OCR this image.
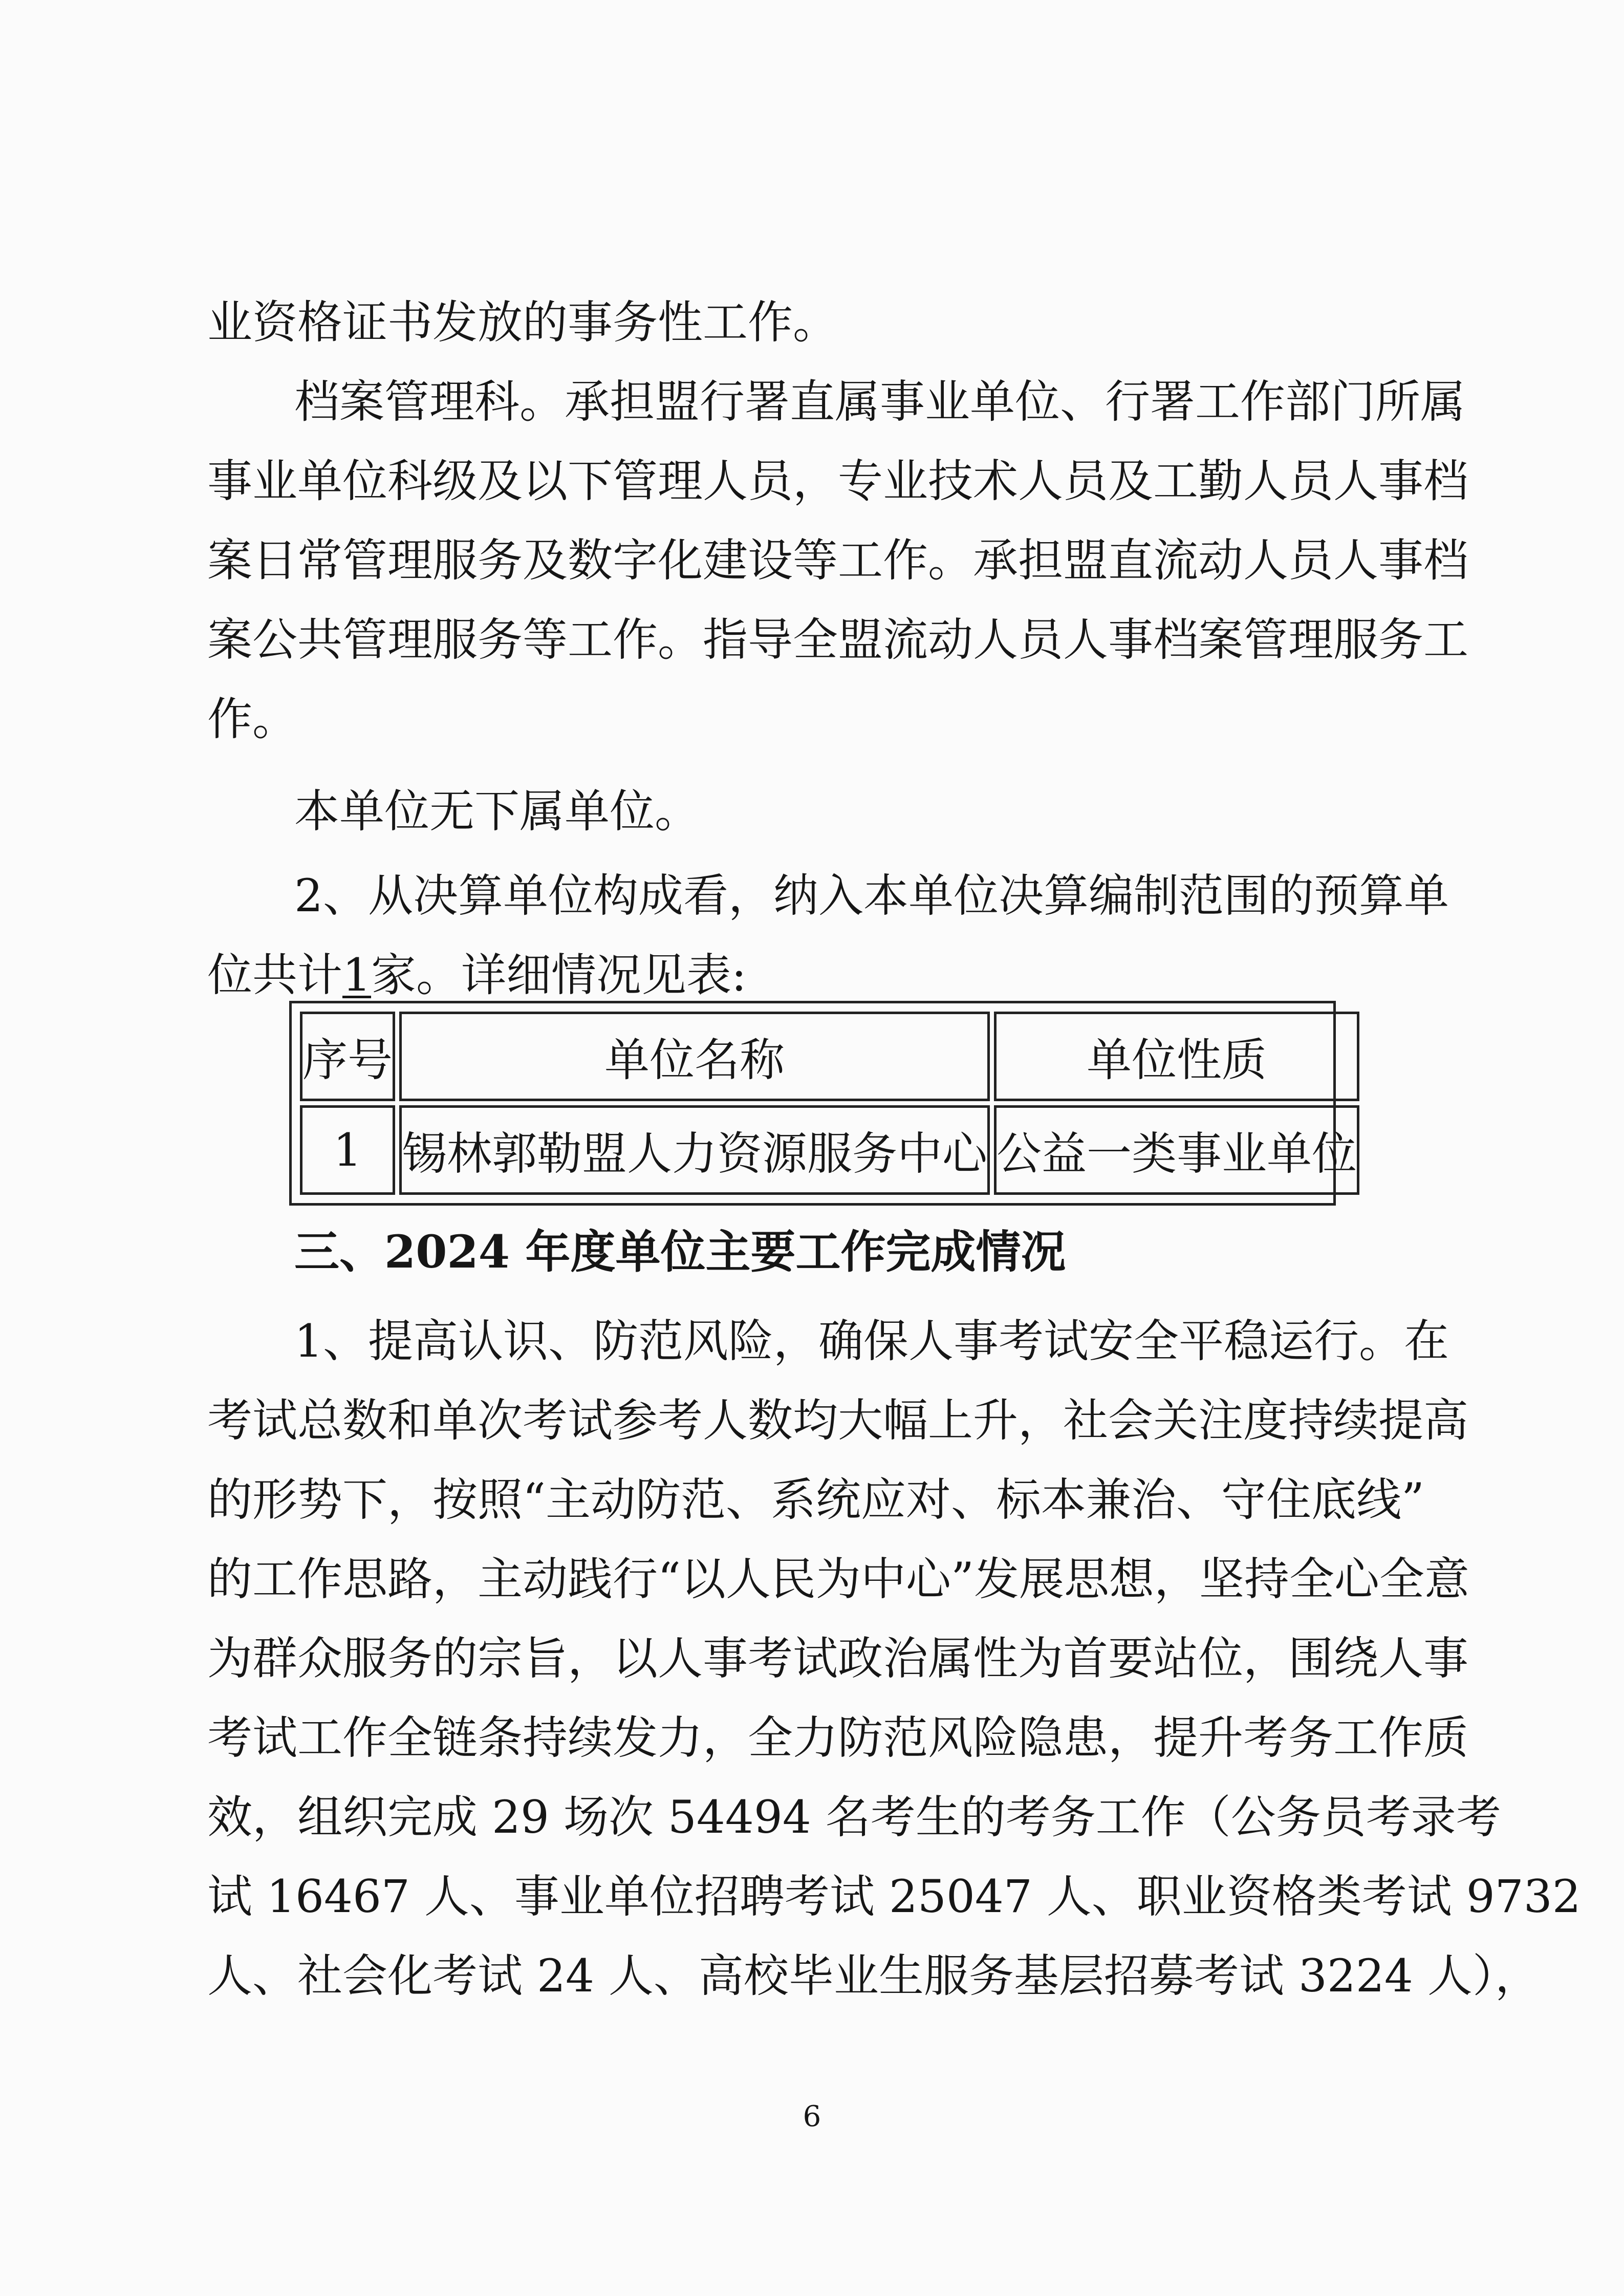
业资格证书发放的事务性工作。
档案管理科。承担盟行署直属事业单位、行署工作部门所属
事业单位科级及以下管理人员，专业技术人员及工勤人员人事档
案日常管理服务及数字化建设等工作。承担盟直流动人员人事档
案公共管理服务等工作。指导全盟流动人员人事档案管理服务工
作。
本单位无下属单位。
2、从决算单位构成看，纳入本单位决算编制范围的预算单
位共计1家。详细情况见表:
序号	单位名称	单位性质
1	锡林郭勒盟人力资源服务中心	公益一类事业单位
三、2024 年度单位主要工作完成情况
1、提高认识、防范风险，确保人事考试安全平稳运行。在
考试总数和单次考试参考人数均大幅上升，社会关注度持续提高
的形势下，按照“主动防范、系统应对、标本兼治、守住底线”
的工作思路，主动践行“以人民为中心”发展思想，坚持全心全意
为群众服务的宗旨，以人事考试政治属性为首要站位，围绕人事
考试工作全链条持续发力，全力防范风险隐患，提升考务工作质
效，组织完成 29 场次 54494 名考生的考务工作（公务员考录考
试 16467 人、事业单位招聘考试 25047 人、职业资格类考试 9732
人、社会化考试 24 人、高校毕业生服务基层招募考试 3224 人），
6
